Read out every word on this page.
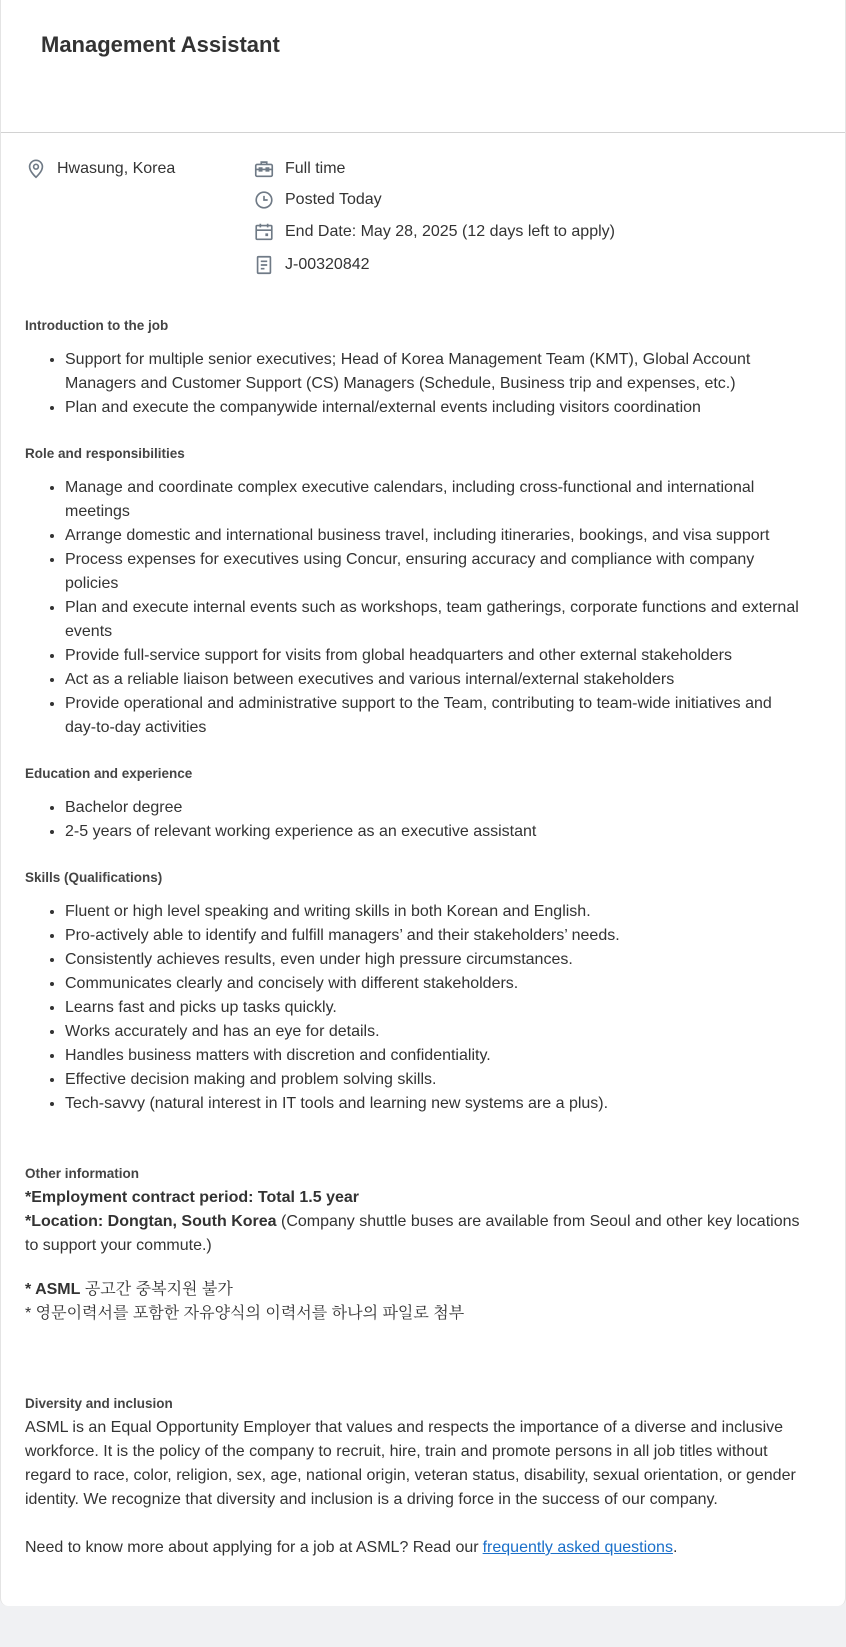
Management Assistant
Hwasung, Korea	Full time
Posted Today
End Date: May 28, 2025 (12 days left to apply)
J-00320842
Introduction to the job
• Support for multiple senior executives; Head of Korea Management Team (KMT), Global Account Managers and Customer Support (CS) Managers (Schedule, Business trip and expenses, etc.)
• Plan and execute the companywide internal/external events including visitors coordination
Role and responsibilities
• Manage and coordinate complex executive calendars, including cross-functional and international meetings
• Arrange domestic and international business travel, including itineraries, bookings, and visa support
• Process expenses for executives using Concur, ensuring accuracy and compliance with company policies
• Plan and execute internal events such as workshops, team gatherings, corporate functions and external events
• Provide full-service support for visits from global headquarters and other external stakeholders
• Act as a reliable liaison between executives and various internal/external stakeholders
• Provide operational and administrative support to the Team, contributing to team-wide initiatives and day-to-day activities
Education and experience
• Bachelor degree
• 2-5 years of relevant working experience as an executive assistant
Skills (Qualifications)
• Fluent or high level speaking and writing skills in both Korean and English.
• Pro-actively able to identify and fulfill managers’ and their stakeholders’ needs.
• Consistently achieves results, even under high pressure circumstances.
• Communicates clearly and concisely with different stakeholders.
• Learns fast and picks up tasks quickly.
• Works accurately and has an eye for details.
• Handles business matters with discretion and confidentiality.
• Effective decision making and problem solving skills.
• Tech-savvy (natural interest in IT tools and learning new systems are a plus).
Other information
*Employment contract period: Total 1.5 year
*Location: Dongtan, South Korea (Company shuttle buses are available from Seoul and other key locations to support your commute.)
* ASML 공고간 중복지원 불가
* 영문이력서를 포함한 자유양식의 이력서를 하나의 파일로 첨부
Diversity and inclusion
ASML is an Equal Opportunity Employer that values and respects the importance of a diverse and inclusive workforce. It is the policy of the company to recruit, hire, train and promote persons in all job titles without regard to race, color, religion, sex, age, national origin, veteran status, disability, sexual orientation, or gender identity. We recognize that diversity and inclusion is a driving force in the success of our company.
Need to know more about applying for a job at ASML? Read our frequently asked questions.
